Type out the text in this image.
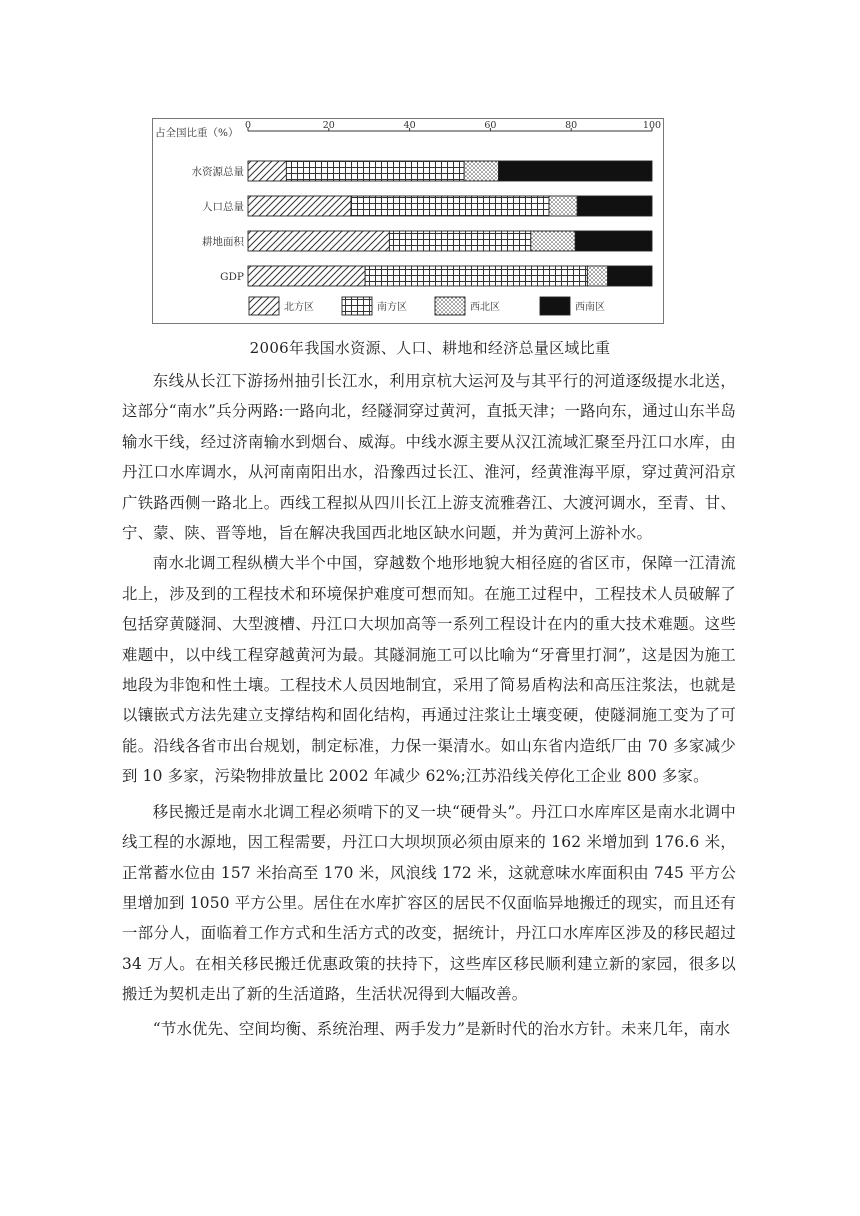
占全国比重（%）
0	20	40	60	80	100
水资源总量
人口总量
耕地面积
GDP
北方区	南方区	西北区	西南区
2006年我国水资源、人口、耕地和经济总量区域比重

东线从长江下游扬州抽引长江水，利用京杭大运河及与其平行的河道逐级提水北送，这部分“南水”兵分两路:一路向北，经隧洞穿过黄河，直抵天津；一路向东，通过山东半岛输水干线，经过济南输水到烟台、威海。中线水源主要从汉江流域汇聚至丹江口水库，由丹江口水库调水，从河南南阳出水，沿豫西过长江、淮河，经黄淮海平原，穿过黄河沿京广铁路西侧一路北上。西线工程拟从四川长江上游支流雅砻江、大渡河调水，至青、甘、宁、蒙、陕、晋等地，旨在解决我国西北地区缺水问题，并为黄河上游补水。

南水北调工程纵横大半个中国，穿越数个地形地貌大相径庭的省区市，保障一江清流北上，涉及到的工程技术和环境保护难度可想而知。在施工过程中，工程技术人员破解了包括穿黄隧洞、大型渡槽、丹江口大坝加高等一系列工程设计在内的重大技术难题。这些难题中，以中线工程穿越黄河为最。其隧洞施工可以比喻为“牙膏里打洞”，这是因为施工地段为非饱和性土壤。工程技术人员因地制宜，采用了简易盾构法和高压注浆法，也就是以镶嵌式方法先建立支撑结构和固化结构，再通过注浆让土壤变硬，使隧洞施工变为了可能。沿线各省市出台规划，制定标准，力保一渠清水。如山东省内造纸厂由 70 多家减少到 10 多家，污染物排放量比 2002 年减少 62%;江苏沿线关停化工企业 800 多家。

移民搬迁是南水北调工程必须啃下的叉一块“硬骨头”。丹江口水库库区是南水北调中线工程的水源地，因工程需要，丹江口大坝坝顶必须由原来的 162 米增加到 176.6 米，正常蓄水位由 157 米抬高至 170 米，风浪线 172 米，这就意味水库面积由 745 平方公里增加到 1050 平方公里。居住在水库扩容区的居民不仅面临异地搬迁的现实，而且还有一部分人，面临着工作方式和生活方式的改变，据统计，丹江口水库库区涉及的移民超过 34 万人。在相关移民搬迁优惠政策的扶持下，这些库区移民顺利建立新的家园，很多以搬迁为契机走出了新的生活道路，生活状况得到大幅改善。

“节水优先、空间均衡、系统治理、两手发力”是新时代的治水方针。未来几年，南水
